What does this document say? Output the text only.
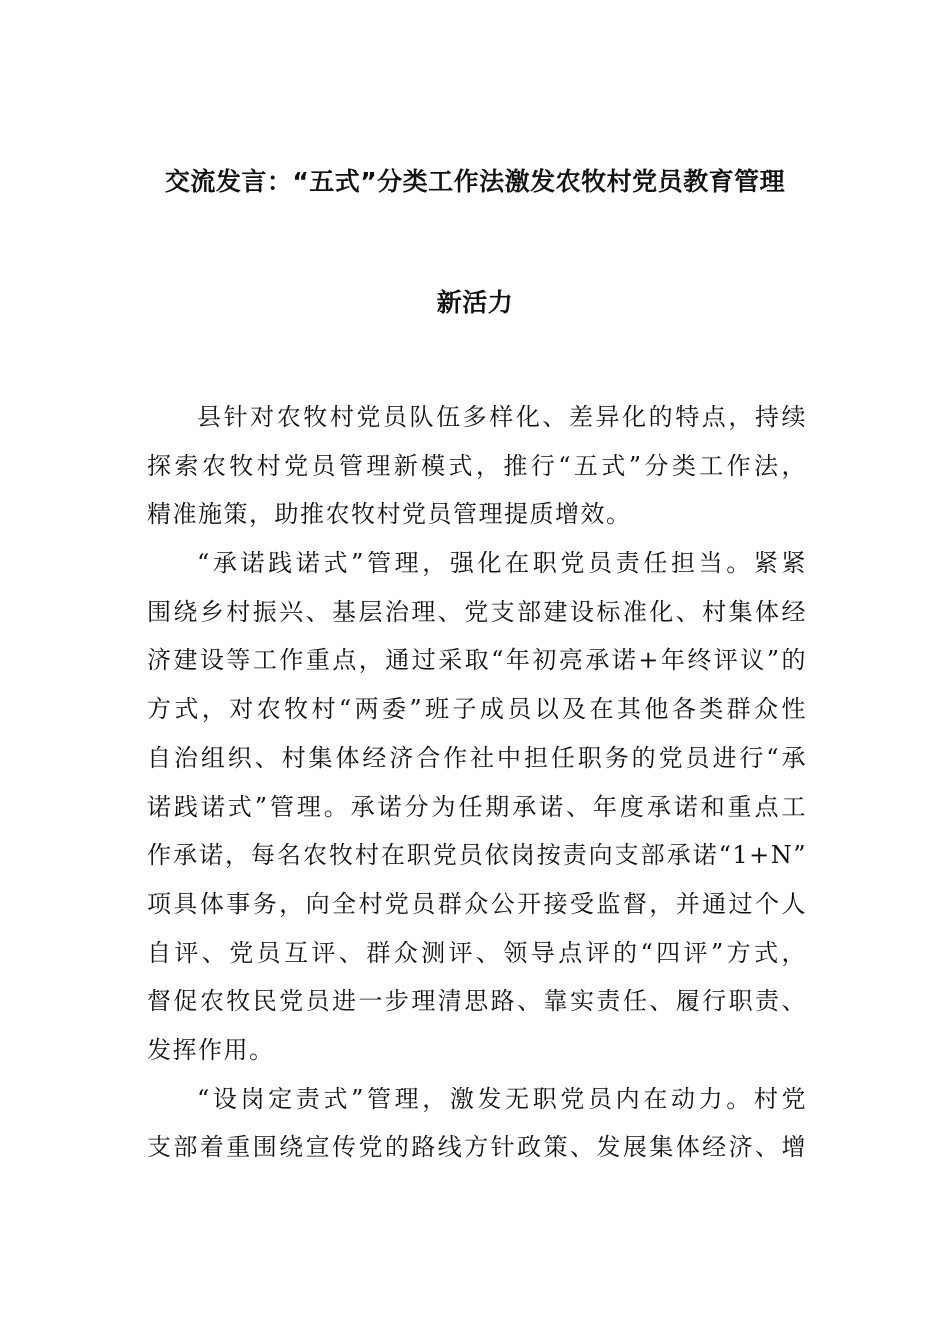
交流发言：“五式”分类工作法激发农牧村党员教育管理
新活力
县针对农牧村党员队伍多样化、差异化的特点，持续
探索农牧村党员管理新模式，推行“五式”分类工作法，
精准施策，助推农牧村党员管理提质增效。
“承诺践诺式”管理，强化在职党员责任担当。紧紧
围绕乡村振兴、基层治理、党支部建设标准化、村集体经
济建设等工作重点，通过采取“年初亮承诺+年终评议”的
方式，对农牧村“两委”班子成员以及在其他各类群众性
自治组织、村集体经济合作社中担任职务的党员进行“承
诺践诺式”管理。承诺分为任期承诺、年度承诺和重点工
作承诺，每名农牧村在职党员依岗按责向支部承诺“1+N”
项具体事务，向全村党员群众公开接受监督，并通过个人
自评、党员互评、群众测评、领导点评的“四评”方式，
督促农牧民党员进一步理清思路、靠实责任、履行职责、
发挥作用。
“设岗定责式”管理，激发无职党员内在动力。村党
支部着重围绕宣传党的路线方针政策、发展集体经济、增
